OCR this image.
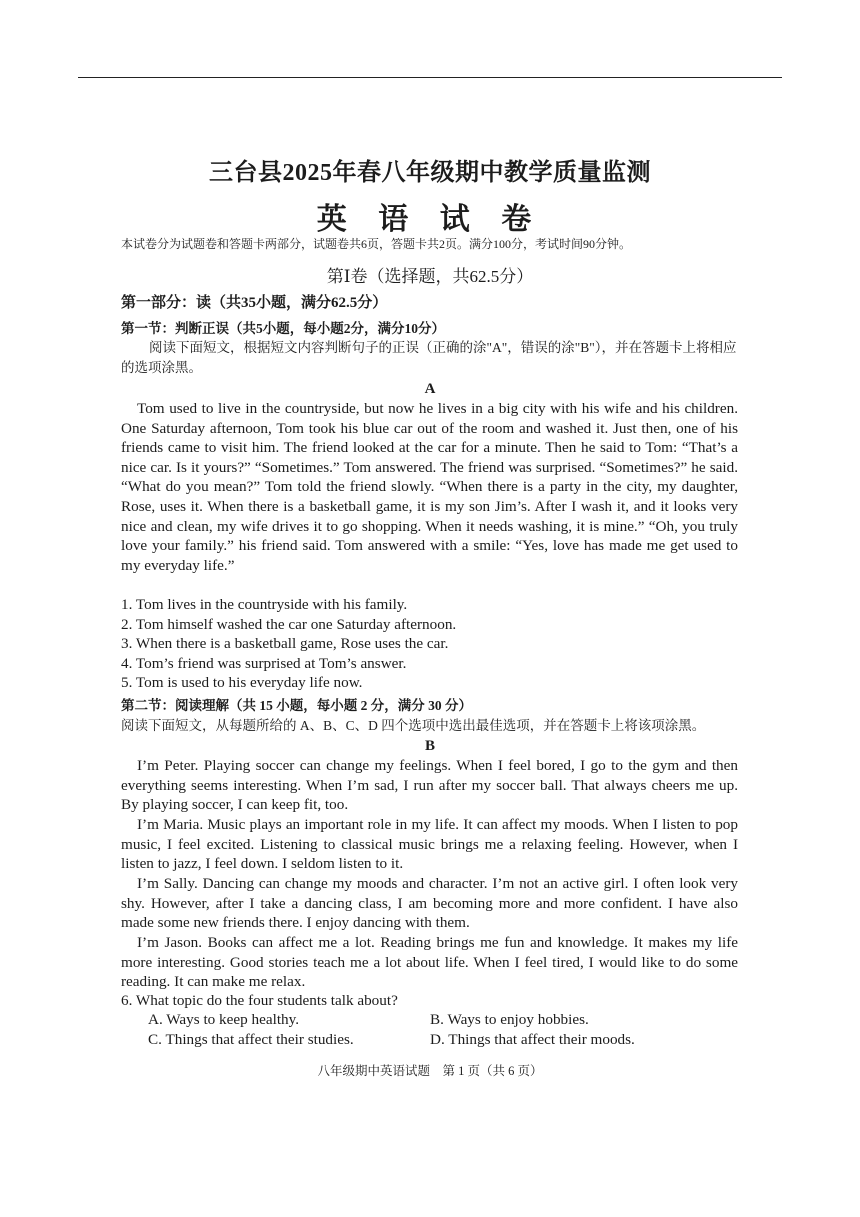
三台县2025年春八年级期中教学质量监测
英 语 试 卷
本试卷分为试题卷和答题卡两部分，试题卷共6页，答题卡共2页。满分100分，考试时间90分钟。
第Ⅰ卷（选择题，共62.5分）
第一部分：读（共35小题，满分62.5分）
第一节：判断正误（共5小题，每小题2分，满分10分）
阅读下面短文，根据短文内容判断句子的正误（正确的涂"A"，错误的涂"B"），并在答题卡上将相应的选项涂黑。
A

Tom used to live in the countryside, but now he lives in a big city with his wife and his children. One Saturday afternoon, Tom took his blue car out of the room and washed it. Just then, one of his friends came to visit him. The friend looked at the car for a minute. Then he said to Tom: “That’s a nice car. Is it yours?” “Sometimes.” Tom answered. The friend was surprised. “Sometimes?” he said. “What do you mean?” Tom told the friend slowly. “When there is a party in the city, my daughter, Rose, uses it. When there is a basketball game, it is my son Jim’s. After I wash it, and it looks very nice and clean, my wife drives it to go shopping. When it needs washing, it is mine.” “Oh, you truly love your family.” his friend said. Tom answered with a smile: “Yes, love has made me get used to my everyday life.”

1. Tom lives in the countryside with his family.
2. Tom himself washed the car one Saturday afternoon.
3. When there is a basketball game, Rose uses the car.
4. Tom’s friend was surprised at Tom’s answer.
5. Tom is used to his everyday life now.
第二节：阅读理解（共 15 小题，每小题 2 分，满分 30 分）
阅读下面短文，从每题所给的 A、B、C、D 四个选项中选出最佳选项，并在答题卡上将该项涂黑。
B

I’m Peter. Playing soccer can change my feelings. When I feel bored, I go to the gym and then everything seems interesting. When I’m sad, I run after my soccer ball. That always cheers me up. By playing soccer, I can keep fit, too.

I’m Maria. Music plays an important role in my life. It can affect my moods. When I listen to pop music, I feel excited. Listening to classical music brings me a relaxing feeling. However, when I listen to jazz, I feel down. I seldom listen to it.

I’m Sally. Dancing can change my moods and character. I’m not an active girl. I often look very shy. However, after I take a dancing class, I am becoming more and more confident. I have also made some new friends there. I enjoy dancing with them.

I’m Jason. Books can affect me a lot. Reading brings me fun and knowledge. It makes my life more interesting. Good stories teach me a lot about life. When I feel tired, I would like to do some reading. It can make me relax.

6. What topic do the four students talk about?
A. Ways to keep healthy.	B. Ways to enjoy hobbies.
C. Things that affect their studies.	D. Things that affect their moods.
八年级期中英语试题　第 1 页（共 6 页）
